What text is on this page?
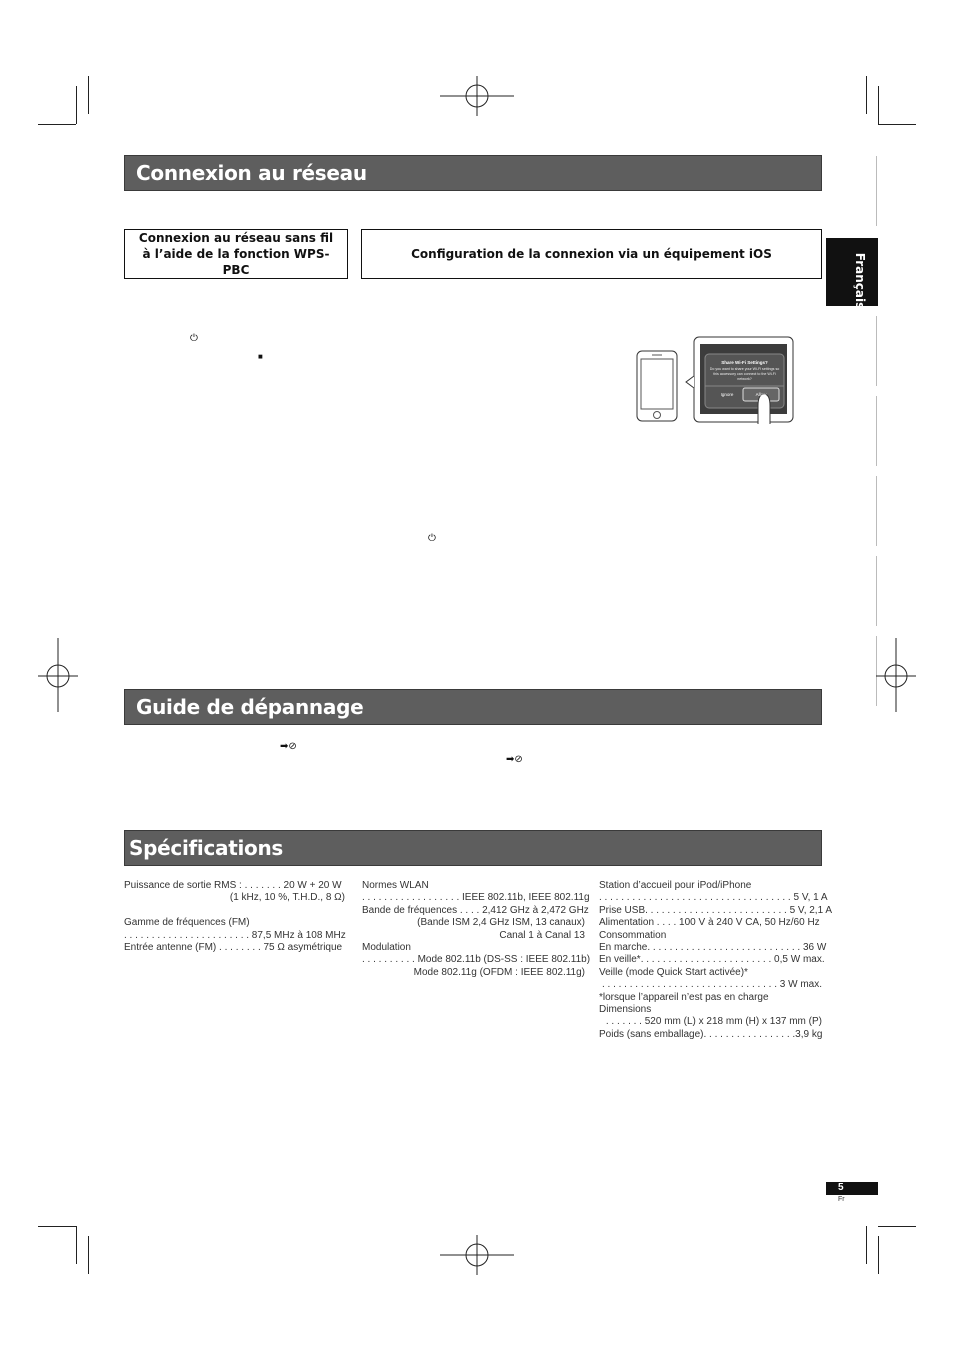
Connexion au réseau
Connexion au réseau sans fil à l’aide de la fonction WPS-PBC
Configuration de la connexion via un équipement iOS	Français
⏻
■
⏻
Share Wi-Fi Settings?
Do you want to share your Wi-Fi settings so this accessory can connect to the Wi-Fi network?
Ignore	Allow
Guide de dépannage
➡⊘
➡⊘
Spécifications
Puissance de sortie RMS : . . . . . . . 20 W + 20 W
(1 kHz, 10 %, T.H.D., 8 Ω)
Gamme de fréquences (FM)
. . . . . . . . . . . . . . . . . . . . . . . 87,5 MHz à 108 MHz
Entrée antenne (FM) . . . . . . . . 75 Ω asymétrique
Normes WLAN
. . . . . . . . . . . . . . . . . . IEEE 802.11b, IEEE 802.11g
Bande de fréquences . . . . 2,412 GHz à 2,472 GHz
(Bande ISM 2,4 GHz ISM, 13 canaux)
Canal 1 à Canal 13
Modulation
. . . . . . . . . . Mode 802.11b (DS-SS : IEEE 802.11b)
Mode 802.11g (OFDM : IEEE 802.11g)
Station d’accueil pour iPod/iPhone
. . . . . . . . . . . . . . . . . . . . . . . . . . . . . . . . . . . 5 V, 1 A
Prise USB. . . . . . . . . . . . . . . . . . . . . . . . . . 5 V, 2,1 A
Alimentation . . . . 100 V à 240 V CA, 50 Hz/60 Hz
Consommation
En marche. . . . . . . . . . . . . . . . . . . . . . . . . . . . 36 W
En veille*. . . . . . . . . . . . . . . . . . . . . . . . 0,5 W max.
Veille (mode Quick Start activée)*
. . . . . . . . . . . . . . . . . . . . . . . . . . . . . . . . 3 W max.
*lorsque l’appareil n’est pas en charge
Dimensions
. . . . . . . 520 mm (L) x 218 mm (H) x 137 mm (P)
Poids (sans emballage). . . . . . . . . . . . . . . . .3,9 kg
5
Fr
